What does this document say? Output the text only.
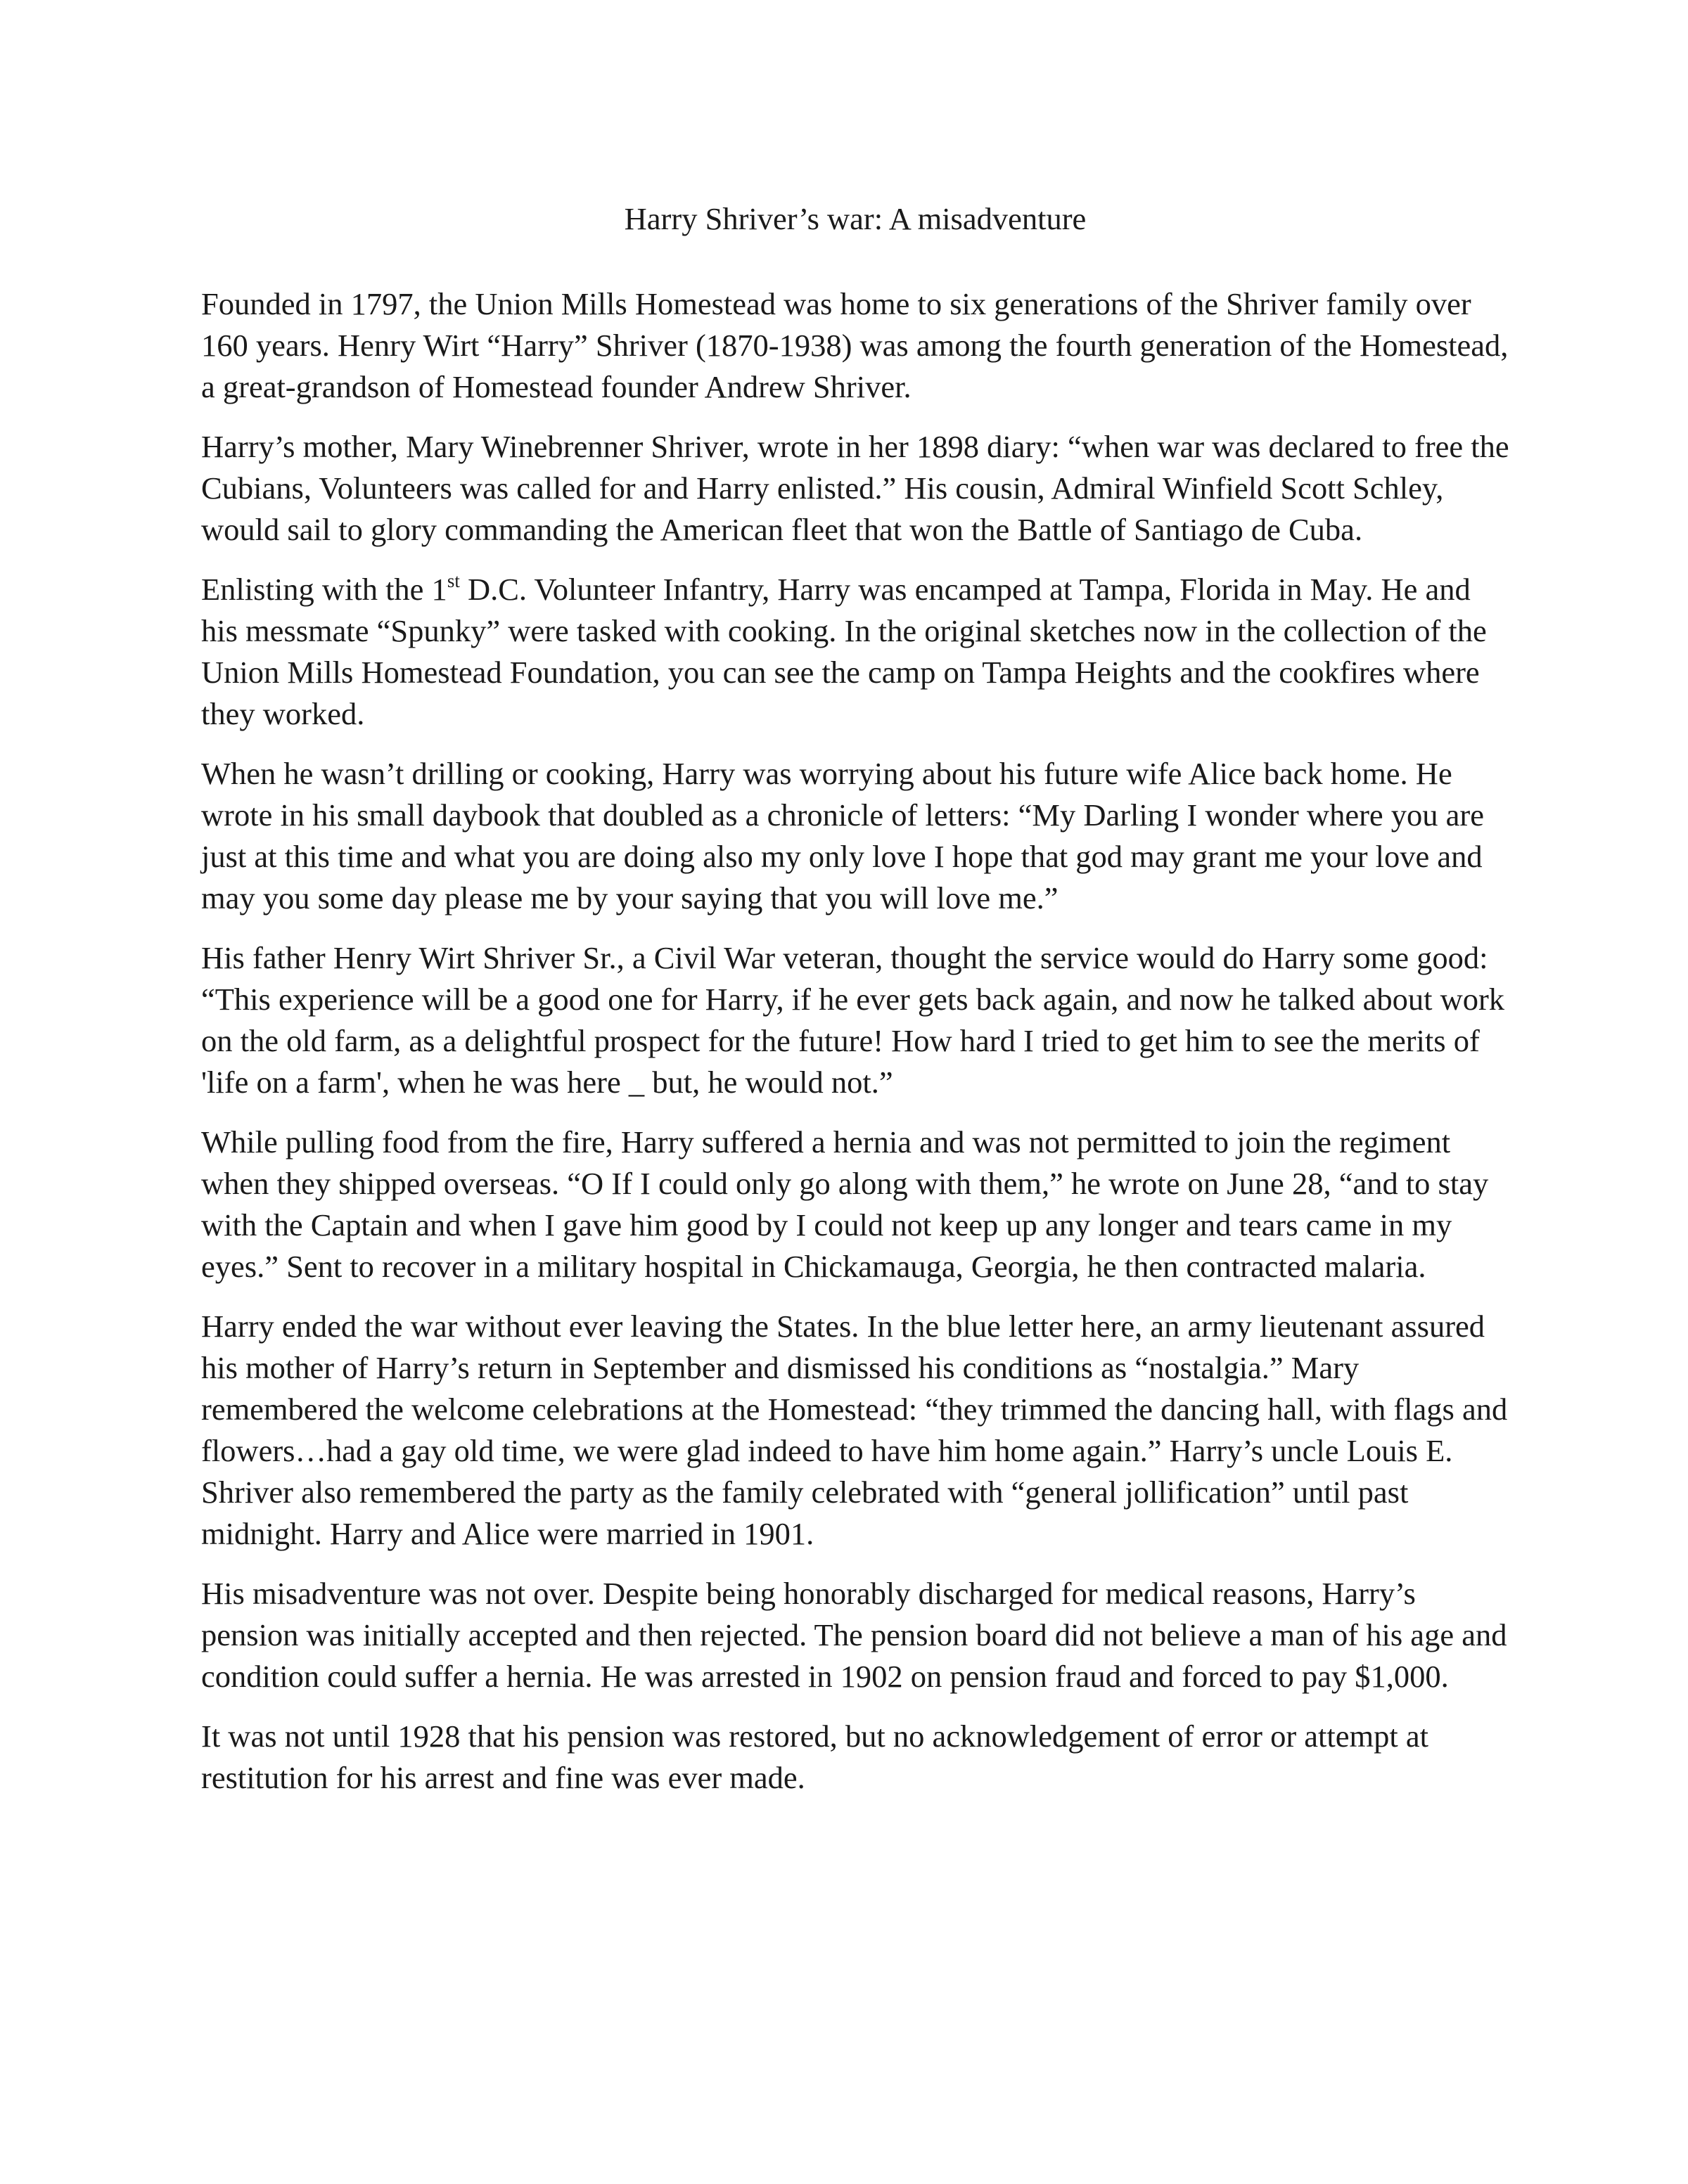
Harry Shriver’s war: A misadventure

Founded in 1797, the Union Mills Homestead was home to six generations of the Shriver family over 160 years. Henry Wirt “Harry” Shriver (1870-1938) was among the fourth generation of the Homestead, a great-grandson of Homestead founder Andrew Shriver.

Harry’s mother, Mary Winebrenner Shriver, wrote in her 1898 diary: “when war was declared to free the Cubians, Volunteers was called for and Harry enlisted.” His cousin, Admiral Winfield Scott Schley, would sail to glory commanding the American fleet that won the Battle of Santiago de Cuba.

Enlisting with the 1st D.C. Volunteer Infantry, Harry was encamped at Tampa, Florida in May. He and his messmate “Spunky” were tasked with cooking. In the original sketches now in the collection of the Union Mills Homestead Foundation, you can see the camp on Tampa Heights and the cookfires where they worked.

When he wasn’t drilling or cooking, Harry was worrying about his future wife Alice back home. He wrote in his small daybook that doubled as a chronicle of letters: “My Darling I wonder where you are just at this time and what you are doing also my only love I hope that god may grant me your love and may you some day please me by your saying that you will love me.”

His father Henry Wirt Shriver Sr., a Civil War veteran, thought the service would do Harry some good: “This experience will be a good one for Harry, if he ever gets back again, and now he talked about work on the old farm, as a delightful prospect for the future! How hard I tried to get him to see the merits of 'life on a farm', when he was here _ but, he would not.”

While pulling food from the fire, Harry suffered a hernia and was not permitted to join the regiment when they shipped overseas. “O If I could only go along with them,” he wrote on June 28, “and to stay with the Captain and when I gave him good by I could not keep up any longer and tears came in my eyes.” Sent to recover in a military hospital in Chickamauga, Georgia, he then contracted malaria.

Harry ended the war without ever leaving the States. In the blue letter here, an army lieutenant assured his mother of Harry’s return in September and dismissed his conditions as “nostalgia.” Mary remembered the welcome celebrations at the Homestead: “they trimmed the dancing hall, with flags and flowers…had a gay old time, we were glad indeed to have him home again.” Harry’s uncle Louis E. Shriver also remembered the party as the family celebrated with “general jollification” until past midnight. Harry and Alice were married in 1901.

His misadventure was not over. Despite being honorably discharged for medical reasons, Harry’s pension was initially accepted and then rejected. The pension board did not believe a man of his age and condition could suffer a hernia. He was arrested in 1902 on pension fraud and forced to pay $1,000.

It was not until 1928 that his pension was restored, but no acknowledgement of error or attempt at restitution for his arrest and fine was ever made.
